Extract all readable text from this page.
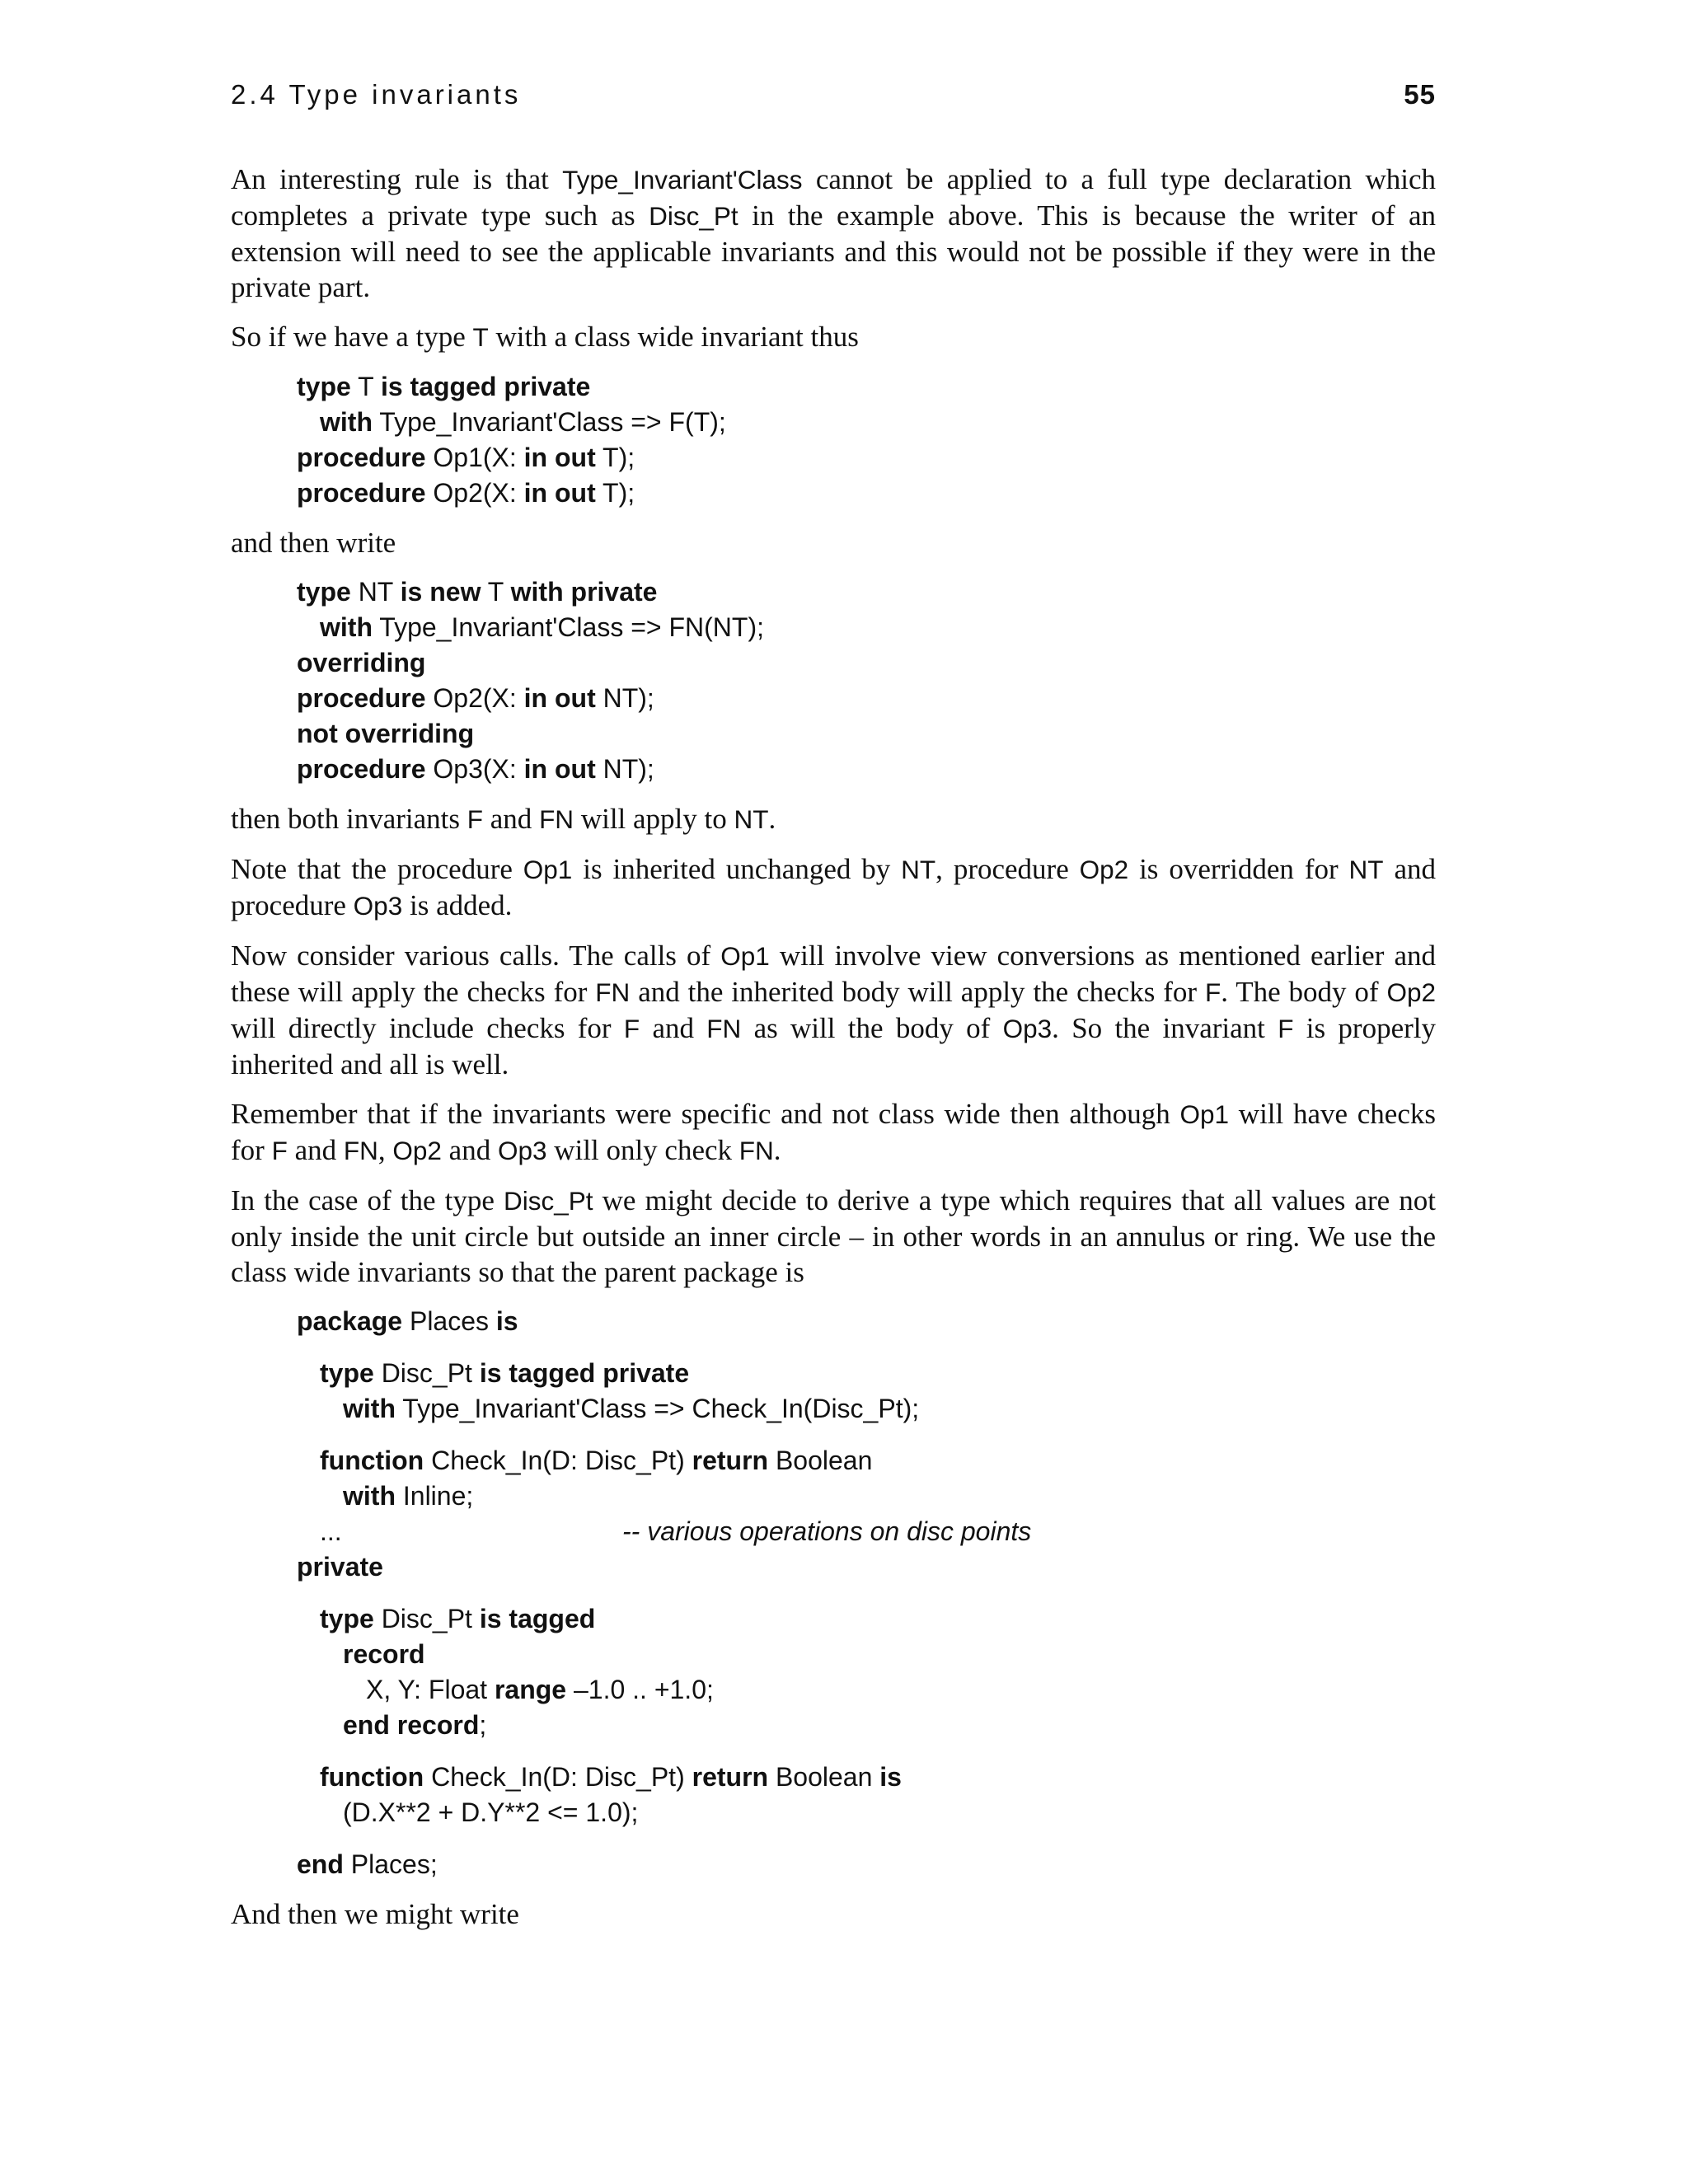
2.4 Type invariants	55

An interesting rule is that Type_Invariant'Class cannot be applied to a full type declaration which completes a private type such as Disc_Pt in the example above. This is because the writer of an extension will need to see the applicable invariants and this would not be possible if they were in the private part.

So if we have a type T with a class wide invariant thus

type T is tagged private
with Type_Invariant'Class => F(T);
procedure Op1(X: in out T);
procedure Op2(X: in out T);

and then write

type NT is new T with private
with Type_Invariant'Class => FN(NT);
overriding
procedure Op2(X: in out NT);
not overriding
procedure Op3(X: in out NT);

then both invariants F and FN will apply to NT.

Note that the procedure Op1 is inherited unchanged by NT, procedure Op2 is overridden for NT and procedure Op3 is added.

Now consider various calls. The calls of Op1 will involve view conversions as mentioned earlier and these will apply the checks for FN and the inherited body will apply the checks for F. The body of Op2 will directly include checks for F and FN as will the body of Op3. So the invariant F is properly inherited and all is well.

Remember that if the invariants were specific and not class wide then although Op1 will have checks for F and FN, Op2 and Op3 will only check FN.

In the case of the type Disc_Pt we might decide to derive a type which requires that all values are not only inside the unit circle but outside an inner circle – in other words in an annulus or ring. We use the class wide invariants so that the parent package is

package Places is
type Disc_Pt is tagged private
with Type_Invariant'Class => Check_In(Disc_Pt);
function Check_In(D: Disc_Pt) return Boolean
with Inline;
...	-- various operations on disc points
private
type Disc_Pt is tagged
record
X, Y: Float range –1.0 .. +1.0;
end record;
function Check_In(D: Disc_Pt) return Boolean is
(D.X**2 + D.Y**2 <= 1.0);
end Places;

And then we might write
